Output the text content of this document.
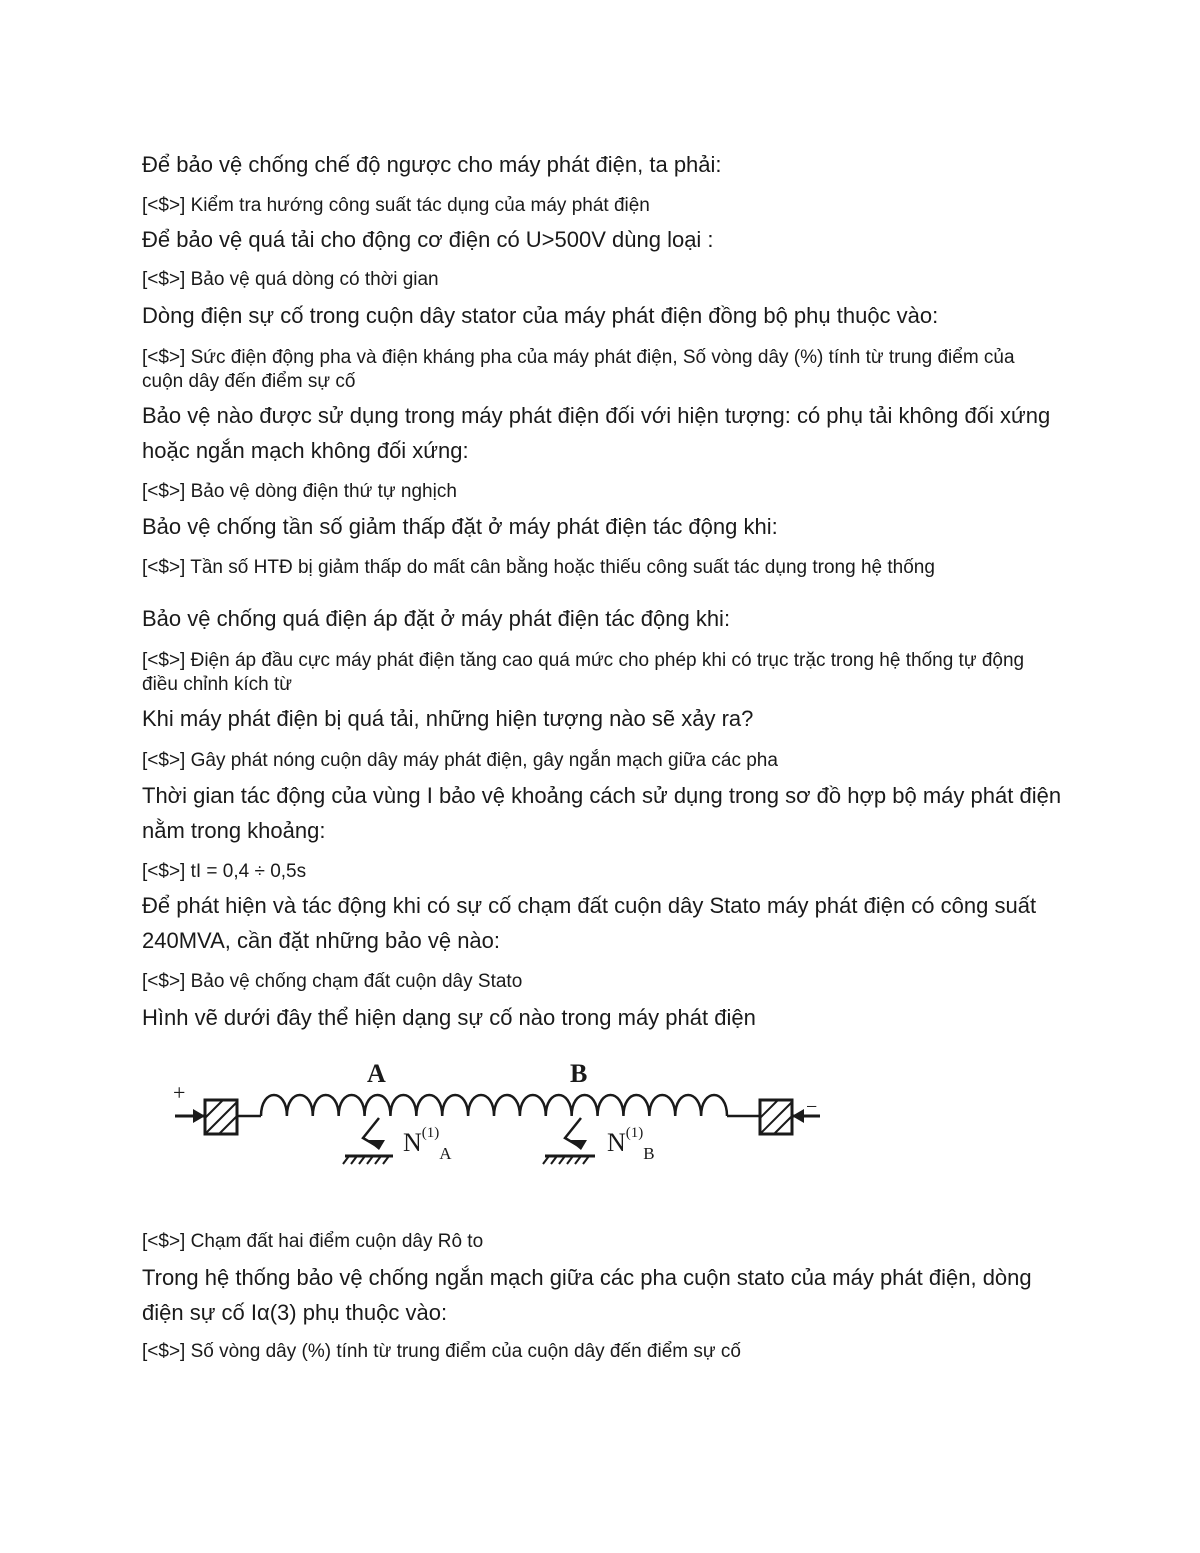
Để bảo vệ chống chế độ ngược cho máy phát điện, ta phải:
[<$>] Kiểm tra hướng công suất tác dụng của máy phát điện
Để bảo vệ quá tải cho động cơ điện có U>500V dùng loại :
[<$>] Bảo vệ quá dòng có thời gian
Dòng điện sự cố trong cuộn dây stator của máy phát điện đồng bộ phụ thuộc vào:
[<$>] Sức điện động pha và điện kháng pha của máy phát điện, Số vòng dây (%) tính từ trung điểm của cuộn dây đến điểm sự cố
Bảo vệ nào được sử dụng trong máy phát điện đối với hiện tượng: có phụ tải không đối xứng hoặc ngắn mạch không đối xứng:
[<$>] Bảo vệ dòng điện thứ tự nghịch
Bảo vệ chống tần số giảm thấp đặt ở máy phát điện tác động khi:
[<$>] Tần số HTĐ bị giảm thấp do mất cân bằng hoặc thiếu công suất tác dụng trong hệ thống
Bảo vệ chống quá điện áp đặt ở máy phát điện tác động khi:
[<$>] Điện áp đầu cực máy phát điện tăng cao quá mức cho phép khi có trục trặc trong hệ thống tự động điều chỉnh kích từ
Khi máy phát điện bị quá tải, những hiện tượng nào sẽ xảy ra?
[<$>] Gây phát nóng cuộn dây máy phát điện, gây ngắn mạch giữa các pha
Thời gian tác động của vùng I bảo vệ khoảng cách sử dụng trong sơ đồ hợp bộ máy phát điện nằm trong khoảng:
[<$>] tI = 0,4 ÷ 0,5s
Để phát hiện và tác động khi có sự cố chạm đất cuộn dây Stato máy phát điện có công suất 240MVA, cần đặt những bảo vệ nào:
[<$>] Bảo vệ chống chạm đất cuộn dây Stato
Hình vẽ dưới đây thể hiện dạng sự cố nào trong máy phát điện
+
−
A	B
$N^{(1)}_A$	$N^{(1)}_B$
[<$>] Chạm đất hai điểm cuộn dây Rô to
Trong hệ thống bảo vệ chống ngắn mạch giữa các pha cuộn stato của máy phát điện, dòng điện sự cố Iα(3) phụ thuộc vào:
[<$>] Số vòng dây (%) tính từ trung điểm của cuộn dây đến điểm sự cố
